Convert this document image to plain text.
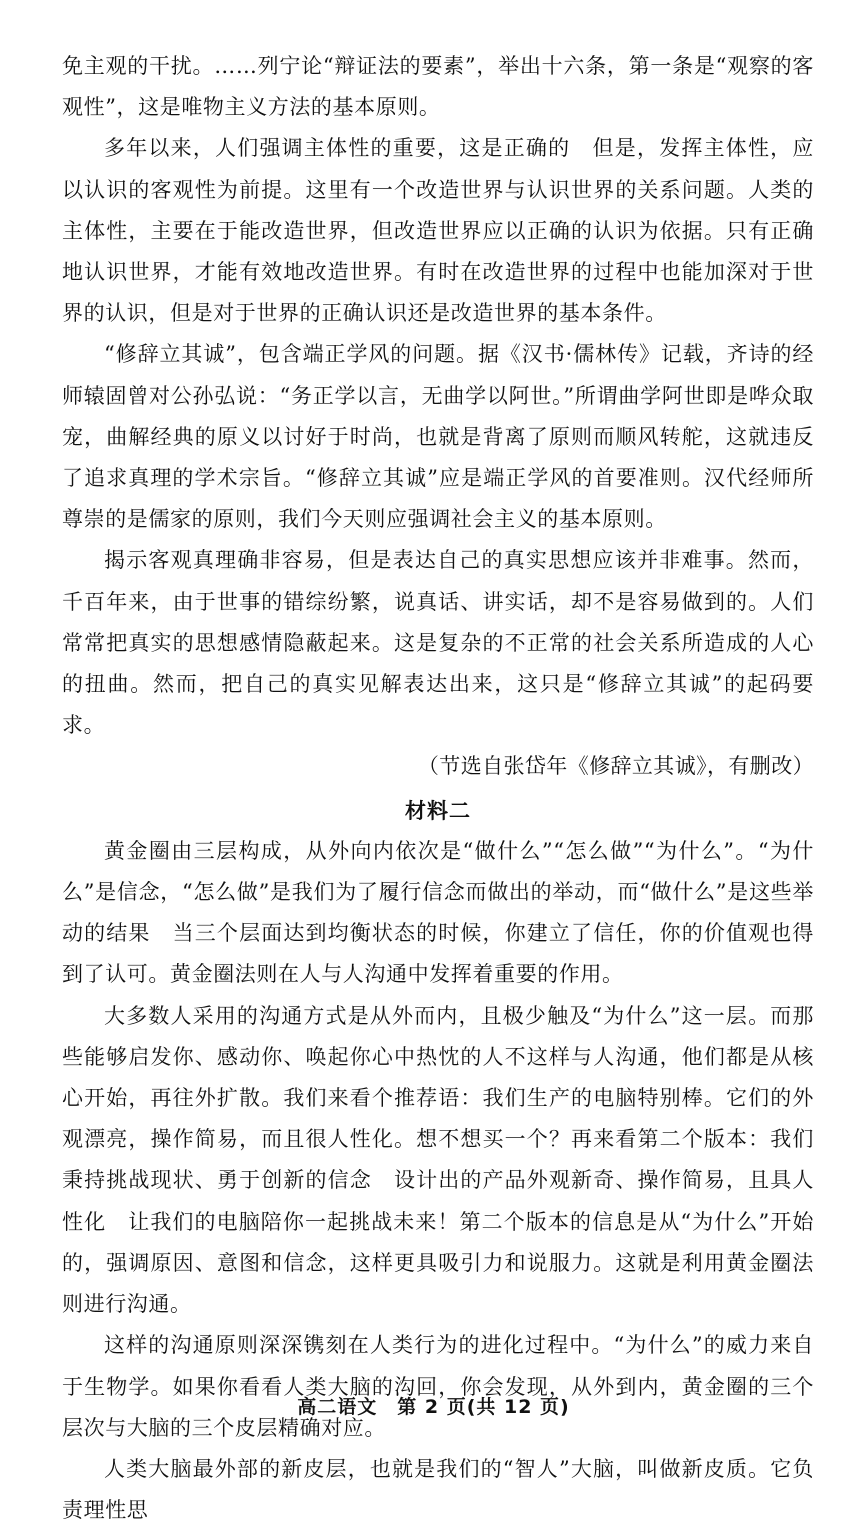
免主观的干扰。……列宁论“辩证法的要素”，举出十六条，第一条是“观察的客观性”，这是唯物主义方法的基本原则。

多年以来，人们强调主体性的重要，这是正确的　但是，发挥主体性，应以认识的客观性为前提。这里有一个改造世界与认识世界的关系问题。人类的主体性，主要在于能改造世界，但改造世界应以正确的认识为依据。只有正确地认识世界，才能有效地改造世界。有时在改造世界的过程中也能加深对于世界的认识，但是对于世界的正确认识还是改造世界的基本条件。

“修辞立其诚”，包含端正学风的问题。据《汉书·儒林传》记载，齐诗的经师辕固曾对公孙弘说：“务正学以言，无曲学以阿世。”所谓曲学阿世即是哗众取宠，曲解经典的原义以讨好于时尚，也就是背离了原则而顺风转舵，这就违反了追求真理的学术宗旨。“修辞立其诚”应是端正学风的首要准则。汉代经师所尊崇的是儒家的原则，我们今天则应强调社会主义的基本原则。

揭示客观真理确非容易，但是表达自己的真实思想应该并非难事。然而，千百年来，由于世事的错综纷繁，说真话、讲实话，却不是容易做到的。人们常常把真实的思想感情隐蔽起来。这是复杂的不正常的社会关系所造成的人心的扭曲。然而，把自己的真实见解表达出来，这只是“修辞立其诚”的起码要求。

（节选自张岱年《修辞立其诚》，有删改）

材料二

黄金圈由三层构成，从外向内依次是“做什么”“怎么做”“为什么”。“为什么”是信念，“怎么做”是我们为了履行信念而做出的举动，而“做什么”是这些举动的结果　当三个层面达到均衡状态的时候，你建立了信任，你的价值观也得到了认可。黄金圈法则在人与人沟通中发挥着重要的作用。

大多数人采用的沟通方式是从外而内，且极少触及“为什么”这一层。而那些能够启发你、感动你、唤起你心中热忱的人不这样与人沟通，他们都是从核心开始，再往外扩散。我们来看个推荐语：我们生产的电脑特别棒。它们的外观漂亮，操作简易，而且很人性化。想不想买一个？再来看第二个版本：我们秉持挑战现状、勇于创新的信念　设计出的产品外观新奇、操作简易，且具人性化　让我们的电脑陪你一起挑战未来！第二个版本的信息是从“为什么”开始的，强调原因、意图和信念，这样更具吸引力和说服力。这就是利用黄金圈法则进行沟通。

这样的沟通原则深深镌刻在人类行为的进化过程中。“为什么”的威力来自于生物学。如果你看看人类大脑的沟回，你会发现，从外到内，黄金圈的三个层次与大脑的三个皮层精确对应。

人类大脑最外部的新皮层，也就是我们的“智人”大脑，叫做新皮质。它负责理性思

高二语文　第 2 页(共 12 页)
